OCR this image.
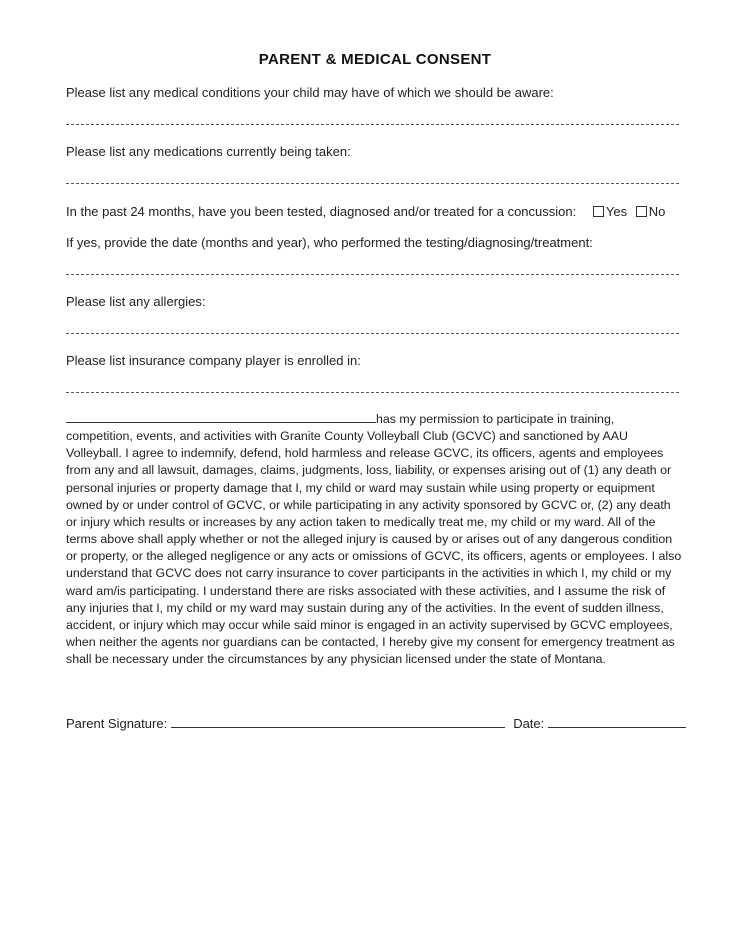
PARENT & MEDICAL CONSENT
Please list any medical conditions your child may have of which we should be aware:
Please list any medications currently being taken:
In the past 24 months, have you been tested, diagnosed and/or treated for a concussion: Yes No
If yes, provide the date (months and year), who performed the testing/diagnosing/treatment:
Please list any allergies:
Please list insurance company player is enrolled in:
has my permission to participate in training, competition, events, and activities with Granite County Volleyball Club (GCVC) and sanctioned by AAU Volleyball. I agree to indemnify, defend, hold harmless and release GCVC, its officers, agents and employees from any and all lawsuit, damages, claims, judgments, loss, liability, or expenses arising out of (1) any death or personal injuries or property damage that I, my child or ward may sustain while using property or equipment owned by or under control of GCVC, or while participating in any activity sponsored by GCVC or, (2) any death or injury which results or increases by any action taken to medically treat me, my child or my ward. All of the terms above shall apply whether or not the alleged injury is caused by or arises out of any dangerous condition or property, or the alleged negligence or any acts or omissions of GCVC, its officers, agents or employees. I also understand that GCVC does not carry insurance to cover participants in the activities in which I, my child or my ward am/is participating. I understand there are risks associated with these activities, and I assume the risk of any injuries that I, my child or my ward may sustain during any of the activities. In the event of sudden illness, accident, or injury which may occur while said minor is engaged in an activity supervised by GCVC employees, when neither the agents nor guardians can be contacted, I hereby give my consent for emergency treatment as shall be necessary under the circumstances by any physician licensed under the state of Montana.
Parent Signature:	Date:
